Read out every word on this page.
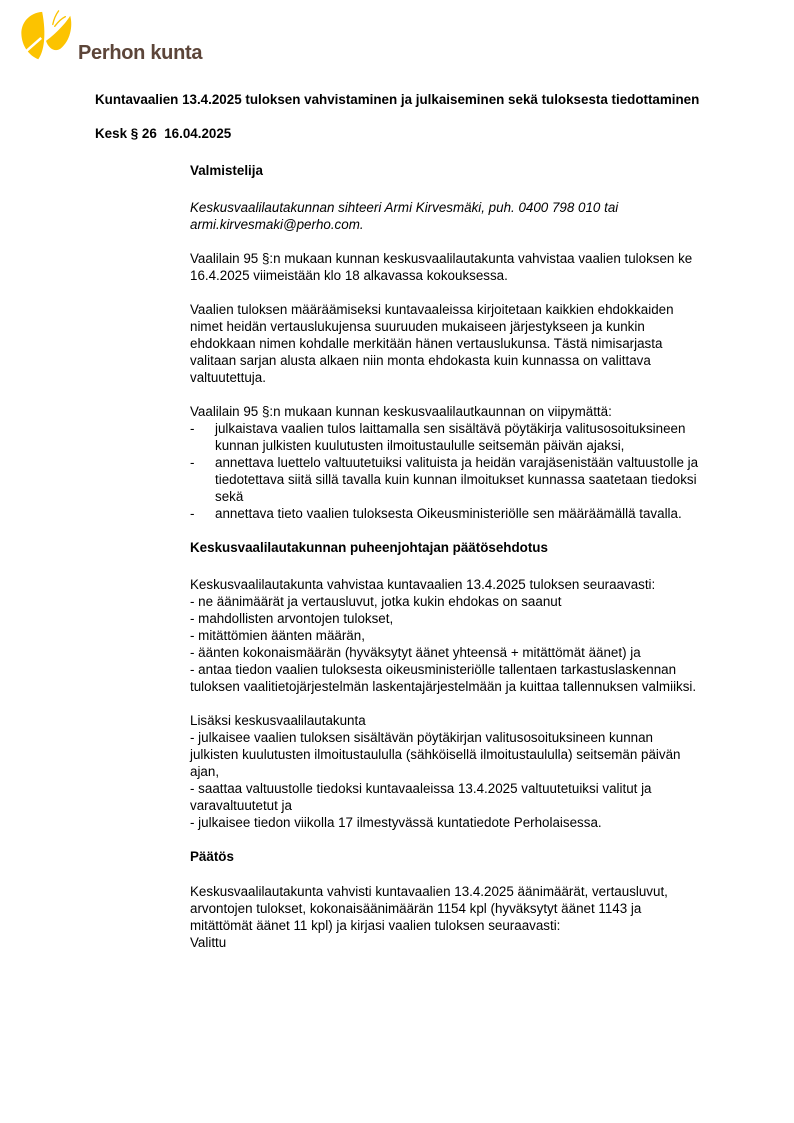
Perhon kunta
Kuntavaalien 13.4.2025 tuloksen vahvistaminen ja julkaiseminen sekä tuloksesta tiedottaminen
Kesk § 26  16.04.2025
Valmistelija

Keskusvaalilautakunnan sihteeri Armi Kirvesmäki, puh. 0400 798 010 tai armi.kirvesmaki@perho.com.

Vaalilain 95 §:n mukaan kunnan keskusvaalilautakunta vahvistaa vaalien tuloksen ke 16.4.2025 viimeistään klo 18 alkavassa kokouksessa.

Vaalien tuloksen määräämiseksi kuntavaaleissa kirjoitetaan kaikkien ehdokkaiden nimet heidän vertauslukujensa suuruuden mukaiseen järjestykseen ja kunkin ehdokkaan nimen kohdalle merkitään hänen vertauslukunsa. Tästä nimisarjasta valitaan sarjan alusta alkaen niin monta ehdokasta kuin kunnassa on valittava valtuutettuja.

Vaalilain 95 §:n mukaan kunnan keskusvaalilautkaunnan on viipymättä:
-	julkaistava vaalien tulos laittamalla sen sisältävä pöytäkirja valitusosoituksineen kunnan julkisten kuulutusten ilmoitustaululle seitsemän päivän ajaksi,
-	annettava luettelo valtuutetuiksi valituista ja heidän varajäsenistään valtuustolle ja tiedotettava siitä sillä tavalla kuin kunnan ilmoitukset kunnassa saatetaan tiedoksi sekä
-	annettava tieto vaalien tuloksesta Oikeusministeriölle sen määräämällä tavalla.
Keskusvaalilautakunnan puheenjohtajan päätösehdotus
Keskusvaalilautakunta vahvistaa kuntavaalien 13.4.2025 tuloksen seuraavasti:
- ne äänimäärät ja vertausluvut, jotka kukin ehdokas on saanut
- mahdollisten arvontojen tulokset,
- mitättömien äänten määrän,
- äänten kokonaismäärän (hyväksytyt äänet yhteensä + mitättömät äänet) ja
- antaa tiedon vaalien tuloksesta oikeusministeriölle tallentaen tarkastuslaskennan tuloksen vaalitietojärjestelmän laskentajärjestelmään ja kuittaa tallennuksen valmiiksi.
Lisäksi keskusvaalilautakunta
- julkaisee vaalien tuloksen sisältävän pöytäkirjan valitusosoituksineen kunnan julkisten kuulutusten ilmoitustaululla (sähköisellä ilmoitustaululla) seitsemän päivän ajan,
- saattaa valtuustolle tiedoksi kuntavaaleissa 13.4.2025 valtuutetuiksi valitut ja varavaltuutetut ja
- julkaisee tiedon viikolla 17 ilmestyvässä kuntatiedote Perholaisessa.
Päätös
Keskusvaalilautakunta vahvisti kuntavaalien 13.4.2025 äänimäärät, vertausluvut, arvontojen tulokset, kokonaisäänimäärän 1154 kpl (hyväksytyt äänet 1143 ja mitättömät äänet 11 kpl) ja kirjasi vaalien tuloksen seuraavasti:
Valittu
